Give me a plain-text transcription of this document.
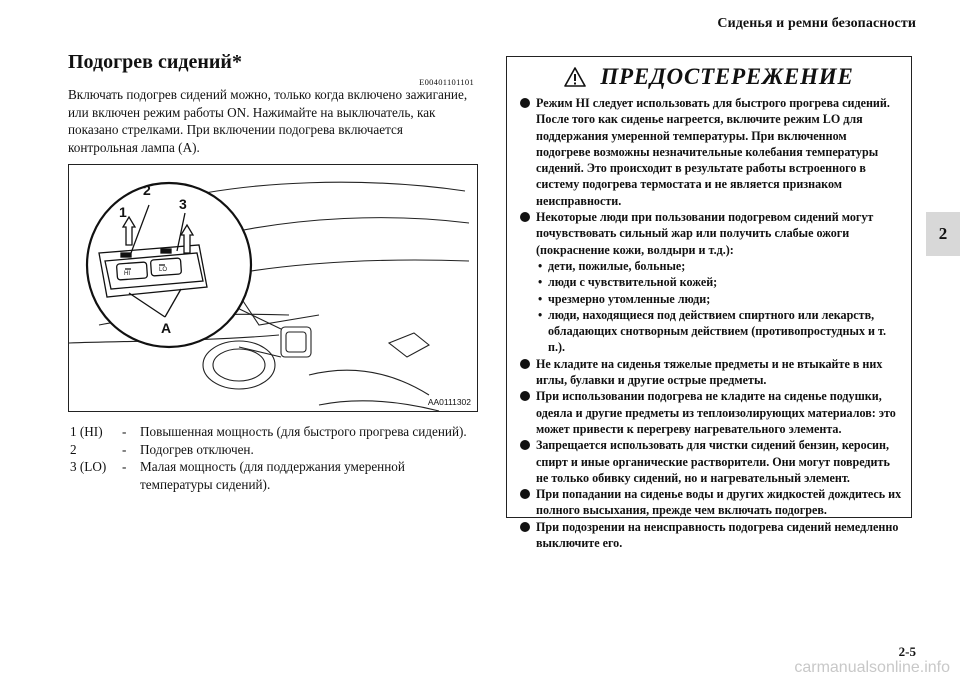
Сиденья и ремни безопасности
2
Подогрев сидений*
E00401101101

Включать подогрев сидений можно, только когда включено зажигание, или включен режим работы ON. Нажимайте на выключатель, как показано стрелками. При включении подогрева включается контрольная лампа (A).

1
2
3
A
HI
LO
AA0111302
1 (HI)	-	Повышенная мощность (для быстрого прогрева сидений).
2	-	Подогрев отключен.
3 (LO)	-	Малая мощность (для поддержания умеренной температуры сидений).
ПРЕДОСТЕРЕЖЕНИЕ
Режим HI следует использовать для быстрого прогрева сидений. После того как сиденье нагреется, включите режим LO для поддержания умеренной температуры. При включенном подогреве возможны незначительные колебания температуры сидений. Это происходит в результате работы встроенного в систему подогрева термостата и не является признаком неисправности.
Некоторые люди при пользовании подогревом сидений могут почувствовать сильный жар или получить слабые ожоги (покраснение кожи, волдыри и т.д.):
• дети, пожилые, больные;
• люди с чувствительной кожей;
• чрезмерно утомленные люди;
• люди, находящиеся под действием спиртного или лекарств, обладающих снотворным действием (противопростудных и т. п.).
Не кладите на сиденья тяжелые предметы и не втыкайте в них иглы, булавки и другие острые предметы.
При использовании подогрева не кладите на сиденье подушки, одеяла и другие предметы из теплоизолирующих материалов: это может привести к перегреву нагревательного элемента.
Запрещается использовать для чистки сидений бензин, керосин, спирт и иные органические растворители. Они могут повредить не только обивку сидений, но и нагревательный элемент.
При попадании на сиденье воды и других жидкостей дождитесь их полного высыхания, прежде чем включать подогрев.
При подозрении на неисправность подогрева сидений немедленно выключите его.
2-5
carmanualsonline.info
